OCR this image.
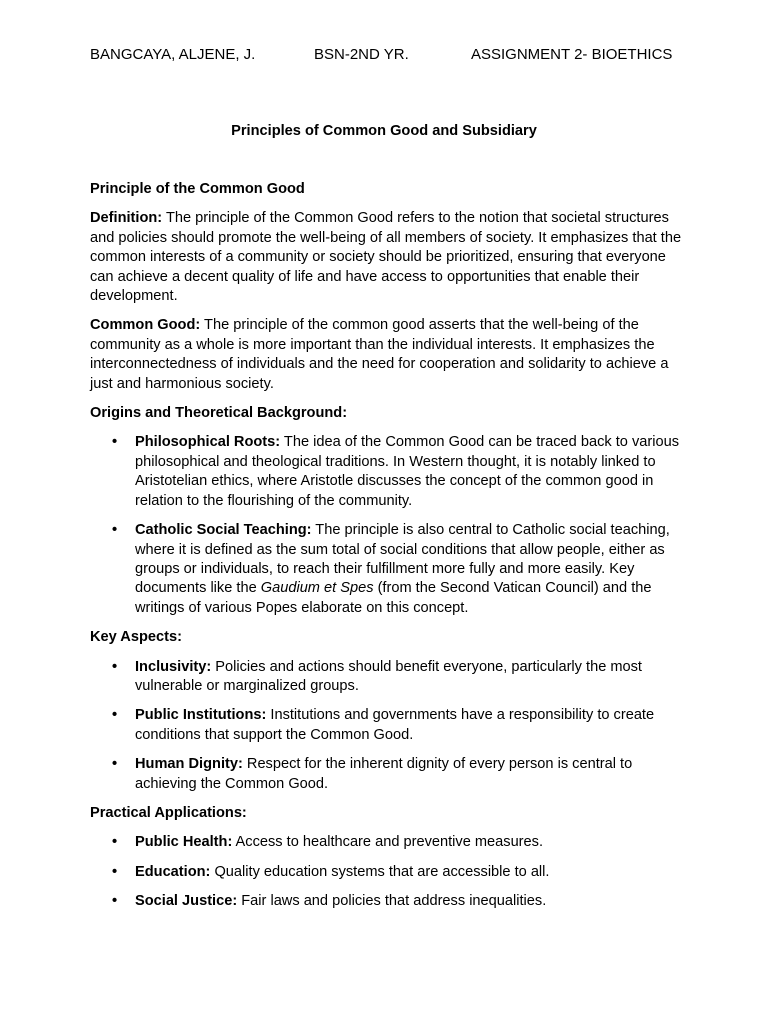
BANGCAYA, ALJENE, J.	BSN-2ND YR.	ASSIGNMENT 2- BIOETHICS
Principles of Common Good and Subsidiary
Principle of the Common Good

Definition: The principle of the Common Good refers to the notion that societal structures and policies should promote the well-being of all members of society. It emphasizes that the common interests of a community or society should be prioritized, ensuring that everyone can achieve a decent quality of life and have access to opportunities that enable their development.

Common Good: The principle of the common good asserts that the well-being of the community as a whole is more important than the individual interests. It emphasizes the interconnectedness of individuals and the need for cooperation and solidarity to achieve a just and harmonious society.

Origins and Theoretical Background:
• Philosophical Roots: The idea of the Common Good can be traced back to various philosophical and theological traditions. In Western thought, it is notably linked to Aristotelian ethics, where Aristotle discusses the concept of the common good in relation to the flourishing of the community.
• Catholic Social Teaching: The principle is also central to Catholic social teaching, where it is defined as the sum total of social conditions that allow people, either as groups or individuals, to reach their fulfillment more fully and more easily. Key documents like the Gaudium et Spes (from the Second Vatican Council) and the writings of various Popes elaborate on this concept.
Key Aspects:
• Inclusivity: Policies and actions should benefit everyone, particularly the most vulnerable or marginalized groups.
• Public Institutions: Institutions and governments have a responsibility to create conditions that support the Common Good.
• Human Dignity: Respect for the inherent dignity of every person is central to achieving the Common Good.
Practical Applications:
• Public Health: Access to healthcare and preventive measures.
• Education: Quality education systems that are accessible to all.
• Social Justice: Fair laws and policies that address inequalities.
